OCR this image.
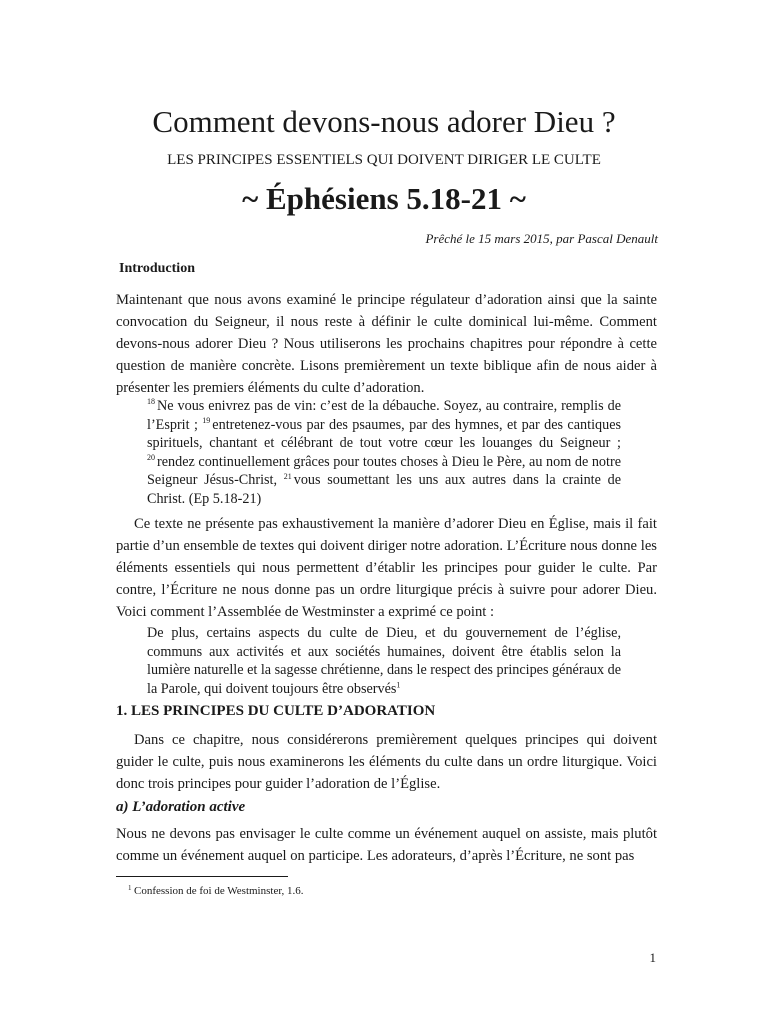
Comment devons-nous adorer Dieu ?

LES PRINCIPES ESSENTIELS QUI DOIVENT DIRIGER LE CULTE

~ Éphésiens 5.18-21 ~

Prêché le 15 mars 2015, par Pascal Denault

Introduction

Maintenant que nous avons examiné le principe régulateur d’adoration ainsi que la sainte convocation du Seigneur, il nous reste à définir le culte dominical lui-même. Comment devons-nous adorer Dieu ? Nous utiliserons les prochains chapitres pour répondre à cette question de manière concrète. Lisons premièrement un texte biblique afin de nous aider à présenter les premiers éléments du culte d’adoration.

$^{18}$ Ne vous enivrez pas de vin: c’est de la débauche. Soyez, au contraire, remplis de l’Esprit ; $^{19}$ entretenez-vous par des psaumes, par des hymnes, et par des cantiques spirituels, chantant et célébrant de tout votre cœur les louanges du Seigneur ; $^{20}$ rendez continuellement grâces pour toutes choses à Dieu le Père, au nom de notre Seigneur Jésus-Christ, $^{21}$ vous soumettant les uns aux autres dans la crainte de Christ. (Ep 5.18-21)

Ce texte ne présente pas exhaustivement la manière d’adorer Dieu en Église, mais il fait partie d’un ensemble de textes qui doivent diriger notre adoration. L’Écriture nous donne les éléments essentiels qui nous permettent d’établir les principes pour guider le culte. Par contre, l’Écriture ne nous donne pas un ordre liturgique précis à suivre pour adorer Dieu. Voici comment l’Assemblée de Westminster a exprimé ce point :

De plus, certains aspects du culte de Dieu, et du gouvernement de l’église, communs aux activités et aux sociétés humaines, doivent être établis selon la lumière naturelle et la sagesse chrétienne, dans le respect des principes généraux de la Parole, qui doivent toujours être observés$^1$

1. LES PRINCIPES DU CULTE D’ADORATION

Dans ce chapitre, nous considérerons premièrement quelques principes qui doivent guider le culte, puis nous examinerons les éléments du culte dans un ordre liturgique. Voici donc trois principes pour guider l’adoration de l’Église.

a) L’adoration active

Nous ne devons pas envisager le culte comme un événement auquel on assiste, mais plutôt comme un événement auquel on participe. Les adorateurs, d’après l’Écriture, ne sont pas

1 Confession de foi de Westminster, 1.6.

1
